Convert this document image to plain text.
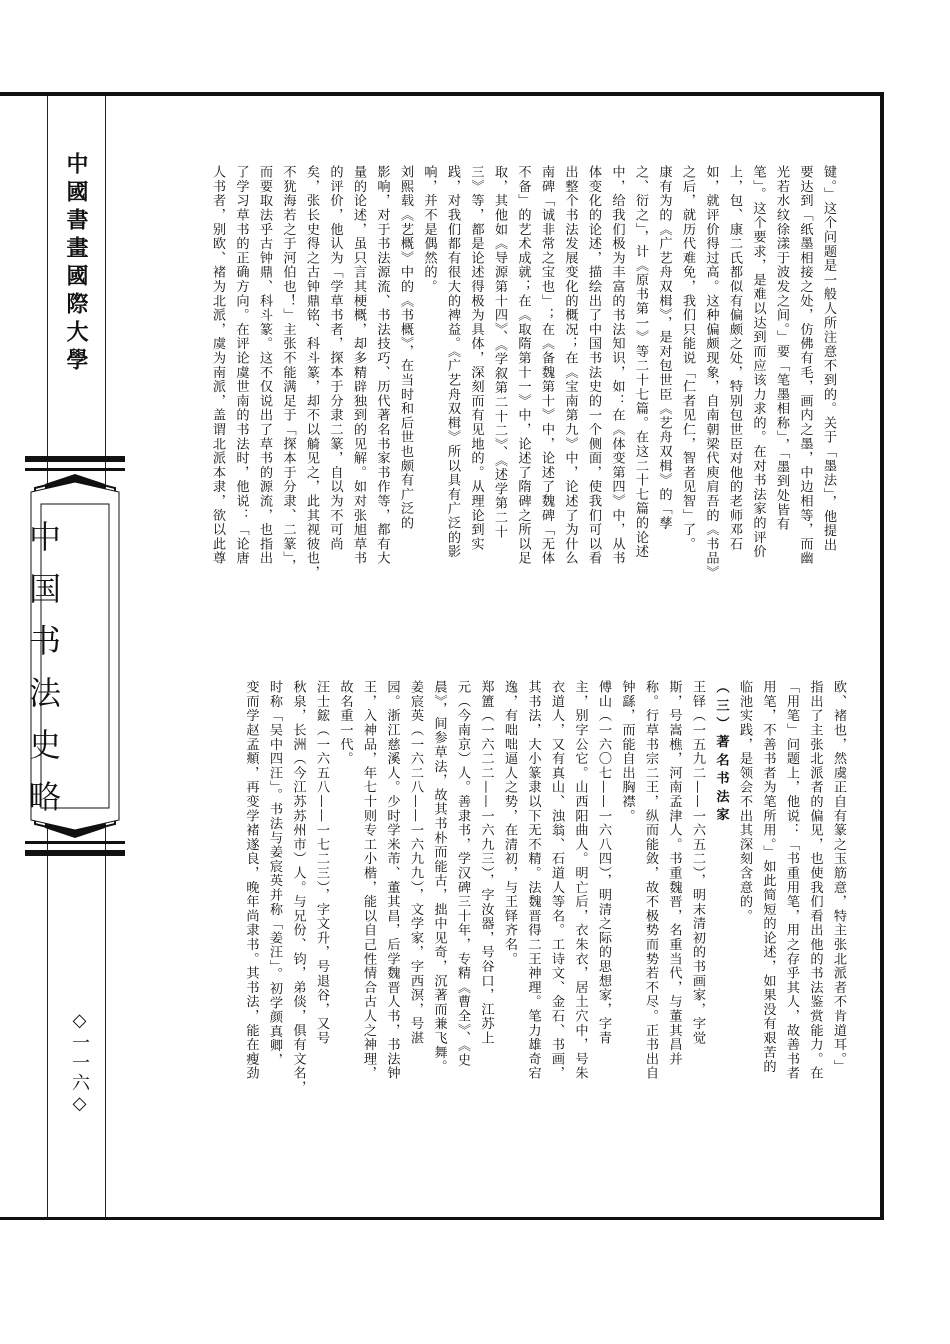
中國書畫國際大學
中国书法史略
◇一一六◇
键。」这个问题是一般人所注意不到的。关于「墨法」，他提出
要达到「纸墨相接之处，仿佛有毛，画内之墨，中边相等，而幽
光若水纹徐漾于波发之间。」要「笔墨相称」，「墨到处皆有
笔」。这个要求，是难以达到而应该力求的。在对书法家的评价
上，包、康二氏都似有偏颇之处，特别包世臣对他的老师邓石
如，就评价得过高。这种偏颇现象，自南朝梁代庾肩吾的《书品》
之后，就历代难免，我们只能说「仁者见仁，智者见智」了。
康有为的《广艺舟双楫》，是对包世臣《艺舟双楫》的「孳
之、衍之」，计《原书第一》等二十七篇。在这二十七篇的论述
中，给我们极为丰富的书法知识，如：在《体变第四》中，从书
体变化的论述，描绘出了中国书法史的一个侧面，使我们可以看
出整个书法发展变化的概况；在《宝南第九》中，论述了为什么
南碑「诚非常之宝也」；在《备魏第十》中，论述了魏碑「无体
不备」的艺术成就；在《取隋第十一》中，论述了隋碑之所以足
取，其他如《导源第十四》、《学叙第二十二》、《述学第二十
三》等，都是论述得极为具体，深刻而有见地的。从理论到实
践，对我们都有很大的裨益。《广艺舟双楫》所以具有广泛的影
响，并不是偶然的。
刘熙载《艺概》中的《书概》，在当时和后世也颇有广泛的
影响，对于书法源流、书法技巧、历代著名书家书作等，都有大
量的论述，虽只言其梗概，却多精辟独到的见解。如对张旭草书
的评价，他认为「学草书者，探本于分隶二篆，自以为不可尚
矣，张长史得之古钟鼎铭、科斗篆，却不以觭见之，此其视彼也，
不犹海若之于河伯也！」主张不能满足于「探本于分隶、二篆」，
而要取法乎古钟鼎、科斗篆。这不仅说出了草书的源流，也指出
了学习草书的正确方向。在评论虞世南的书法时，他说：「论唐
人书者，别欧、褚为北派，虞为南派，盖谓北派本隶，欲以此尊
欧、褚也，然虞正自有篆之玉筋意，特主张北派者不肯道耳。」
指出了主张北派者的偏见，也使我们看出他的书法鉴赏能力。在
「用笔」问题上，他说：「书重用笔，用之存乎其人，故善书者
用笔，不善书者为笔所用。」如此简短的论述，如果没有艰苦的
临池实践，是领会不出其深刻含意的。
（三）著名书法家
王铎（一五九二——一六五二），明末清初的书画家，字觉
斯，号嵩樵，河南孟津人。书重魏晋，名重当代，与董其昌并
称。行草书宗二王，纵而能敛，故不极势而势若不尽。正书出自
钟繇，而能自出胸襟。
傅山（一六〇七——一六八四），明清之际的思想家，字青
主，别字公它。山西阳曲人。明亡后，衣朱衣，居土穴中，号朱
衣道人，又有真山、浊翁、石道人等名。工诗文、金石、书画，
其书法，大小篆隶以下无不精。法魏晋得二王神理。笔力雄奇宕
逸，有咄咄逼人之势，在清初，与王铎齐名。
郑簠（一六二二——一六九三），字汝器，号谷口，江苏上
元（今南京）人。善隶书，学汉碑三十年，专精《曹全》、《史
晨》，间参草法，故其书朴而能古，拙中见奇，沉著而兼飞舞。
姜宸英（一六二八——一六九九），文学家，字西溟，号湛
园。浙江慈溪人。少时学米芾、董其昌，后学魏晋人书，书法钟
王，入神品，年七十则专工小楷，能以自己性情合古人之神理，
故名重一代。
汪士鋐（一六五八——一七二三），字文升，号退谷，又号
秋泉，长洲（今江苏苏州市）人。与兄份、钧，弟倓，俱有文名，
时称「吴中四汪」。书法与姜宸英并称「姜汪」。初学颜真卿，
变而学赵孟頫，再变学褚遂良，晚年尚隶书。其书法，能在瘦劲
